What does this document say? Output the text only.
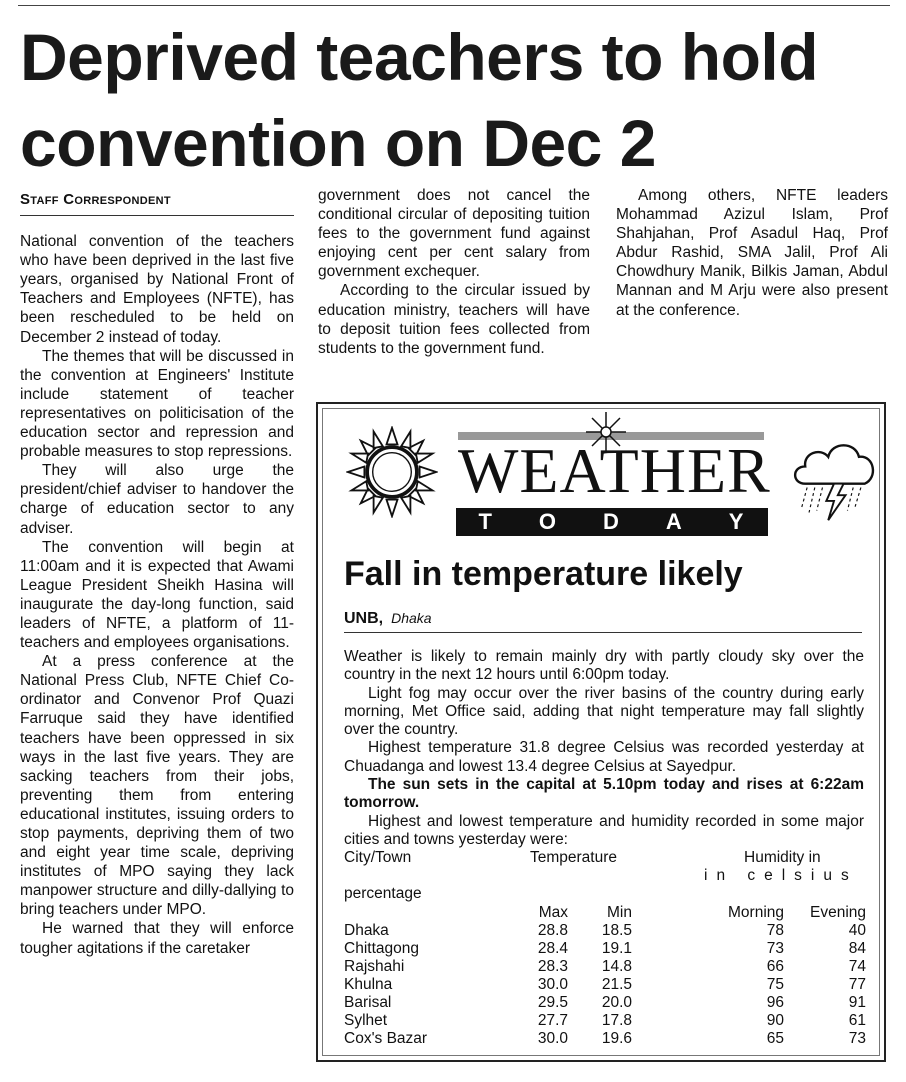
Deprived teachers to hold
convention on Dec 2
Staff Correspondent

National convention of the teachers who have been deprived in the last five years, organised by National Front of Teachers and Employees (NFTE), has been rescheduled to be held on December 2 instead of today.

The themes that will be discussed in the convention at Engineers' Institute include statement of teacher representatives on politicisation of the education sector and repression and probable measures to stop repressions.

They will also urge the president/chief adviser to handover the charge of education sector to any adviser.

The convention will begin at 11:00am and it is expected that Awami League President Sheikh Hasina will inaugurate the day-long function, said leaders of NFTE, a platform of 11-teachers and employees organisations.

At a press conference at the National Press Club, NFTE Chief Co-ordinator and Convenor Prof Quazi Farruque said they have identified teachers have been oppressed in six ways in the last five years. They are sacking teachers from their jobs, preventing them from entering educational institutes, issuing orders to stop payments, depriving them of two and eight year time scale, depriving institutes of MPO saying they lack manpower structure and dilly-dallying to bring teachers under MPO.

He warned that they will enforce tougher agitations if the caretaker

government does not cancel the conditional circular of depositing tuition fees to the government fund against enjoying cent per cent salary from government exchequer.

According to the circular issued by education ministry, teachers will have to deposit tuition fees collected from students to the government fund.

Among others, NFTE leaders Mohammad Azizul Islam, Prof Shahjahan, Prof Asadul Haq, Prof Abdur Rashid, SMA Jalil, Prof Ali Chowdhury Manik, Bilkis Jaman, Abdul Mannan and M Arju were also present at the conference.

WEATHER
T O D A Y
Fall in temperature likely
UNB, Dhaka

Weather is likely to remain mainly dry with partly cloudy sky over the country in the next 12 hours until 6:00pm today.

Light fog may occur over the river basins of the country during early morning, Met Office said, adding that night temperature may fall slightly over the country.

Highest temperature 31.8 degree Celsius was recorded yesterday at Chuadanga and lowest 13.4 degree Celsius at Sayedpur.

The sun sets in the capital at 5.10pm today and rises at 6:22am tomorrow.

Highest and lowest temperature and humidity recorded in some major cities and towns yesterday were:

City/Town	Temperature	Humidity in
in celsius
percentage
Max	Min	Morning	Evening
Dhaka	28.8	18.5	78	40
Chittagong	28.4	19.1	73	84
Rajshahi	28.3	14.8	66	74
Khulna	30.0	21.5	75	77
Barisal	29.5	20.0	96	91
Sylhet	27.7	17.8	90	61
Cox's Bazar	30.0	19.6	65	73
